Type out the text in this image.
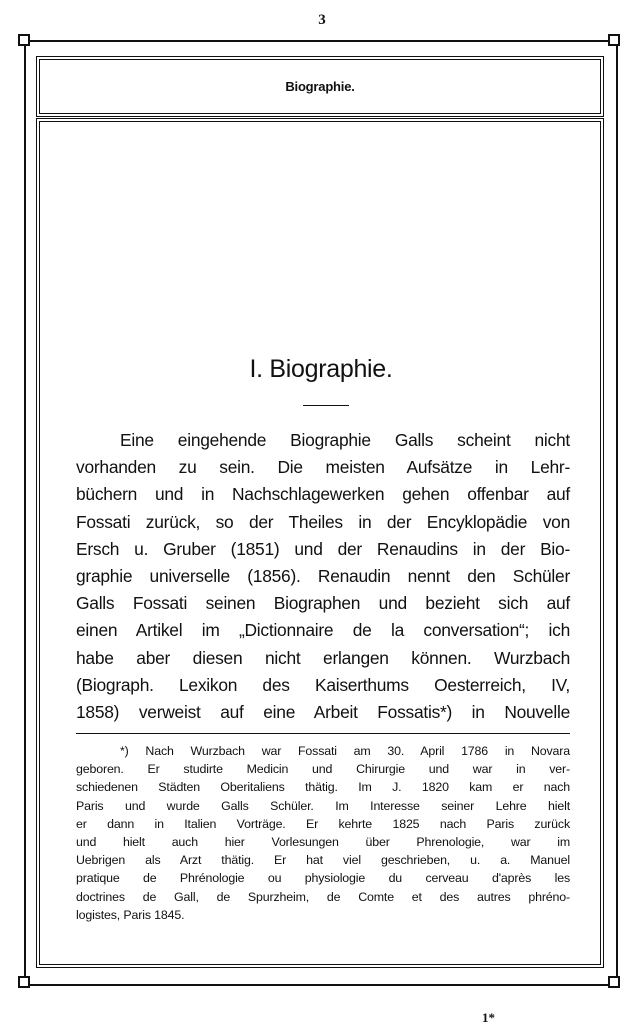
3
Biographie.
I. Biographie.
Eine eingehende Biographie Galls scheint nicht
vorhanden zu sein. Die meisten Aufsätze in Lehr-
büchern und in Nachschlagewerken gehen offenbar auf
Fossati zurück, so der Theiles in der Encyklopädie von
Ersch u. Gruber (1851) und der Renaudins in der Bio-
graphie universelle (1856). Renaudin nennt den Schüler
Galls Fossati seinen Biographen und bezieht sich auf
einen Artikel im „Dictionnaire de la conversation“; ich
habe aber diesen nicht erlangen können. Wurzbach
(Biograph. Lexikon des Kaiserthums Oesterreich, IV,
1858) verweist auf eine Arbeit Fossatis*) in Nouvelle
*) Nach Wurzbach war Fossati am 30. April 1786 in Novara
geboren. Er studirte Medicin und Chirurgie und war in ver-
schiedenen Städten Oberitaliens thätig. Im J. 1820 kam er nach
Paris und wurde Galls Schüler. Im Interesse seiner Lehre hielt
er dann in Italien Vorträge. Er kehrte 1825 nach Paris zurück
und hielt auch hier Vorlesungen über Phrenologie, war im
Uebrigen als Arzt thätig. Er hat viel geschrieben, u. a. Manuel
pratique de Phrénologie ou physiologie du cerveau d'après les
doctrines de Gall, de Spurzheim, de Comte et des autres phréno-
logistes, Paris 1845.
1*
